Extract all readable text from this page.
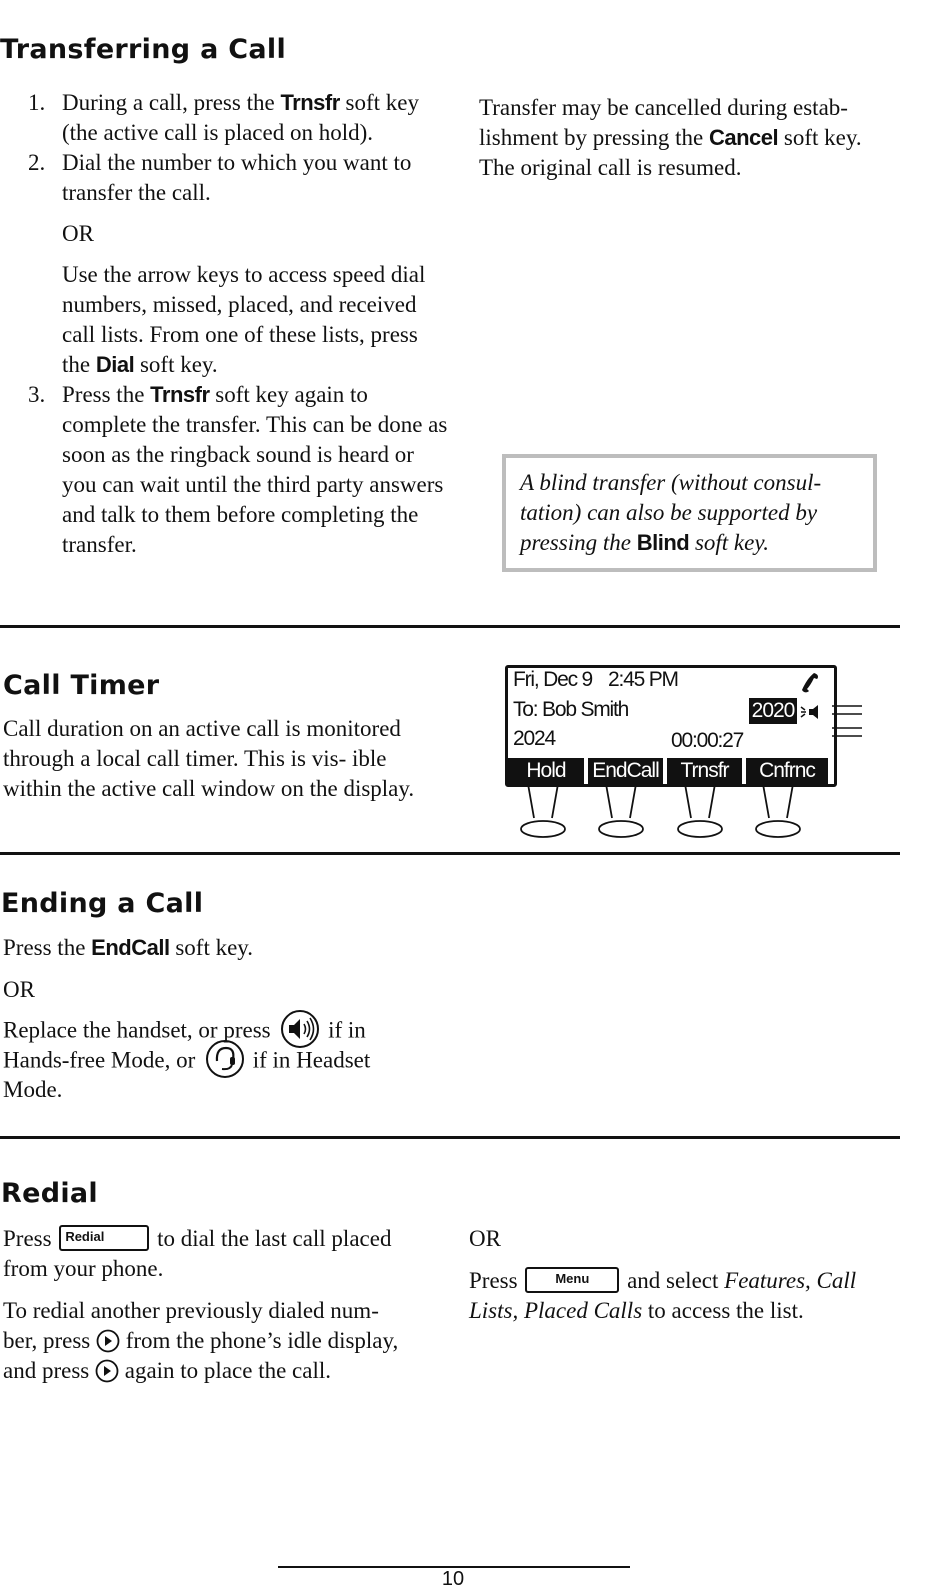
Transferring a Call
1. During a call, press the Trnsfr soft key (the active call is placed on hold).
2. Dial the number to which you want to transfer the call.
OR
Use the arrow keys to access speed dial numbers, missed, placed, and received call lists. From one of these lists, press the Dial soft key.
3. Press the Trnsfr soft key again to complete the transfer. This can be done as soon as the ringback sound is heard or you can wait until the third party answers and talk to them before completing the transfer.

Transfer may be cancelled during estab- lishment by pressing the Cancel soft key. The original call is resumed.

A blind transfer (without consul- tation) can also be supported by pressing the Blind soft key.
Call Timer

Call duration on an active call is monitored through a local call timer. This is vis- ible within the active call window on the display.

Fri, Dec 9 2:45 PM
To: Bob Smith	2020
2024	00:00:27
Hold	EndCall	Trnsfr	Cnfrnc
Ending a Call

Press the EndCall soft key.

OR

Replace the handset, or press	if in
Hands-free Mode, or	if in Headset
Mode.
Redial
Press Redial to dial the last call placed
from your phone.
To redial another previously dialed num-
ber, press from the phone’s idle display,
and press again to place the call.
OR
Press	Menu and select Features, Call
Lists, Placed Calls to access the list.
10
